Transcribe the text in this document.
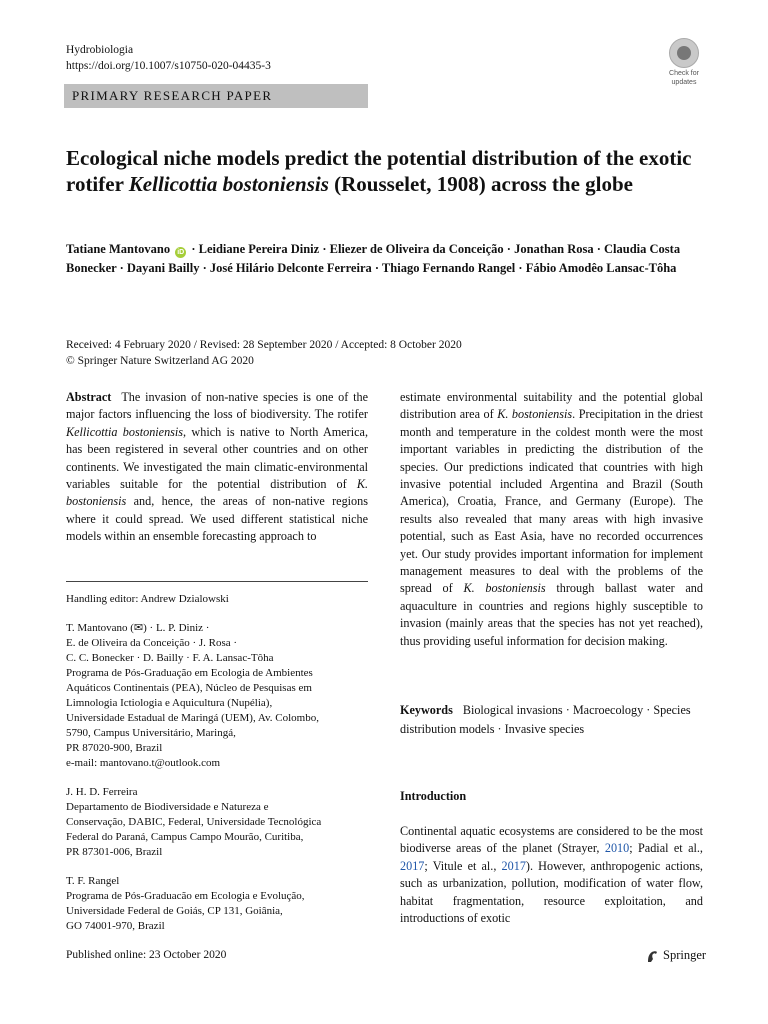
Hydrobiologia
https://doi.org/10.1007/s10750-020-04435-3
Check for
updates
PRIMARY RESEARCH PAPER
Ecological niche models predict the potential distribution of the exotic rotifer Kellicottia bostoniensis (Rousselet, 1908) across the globe
Tatiane Mantovano iD · Leidiane Pereira Diniz · Eliezer de Oliveira da Conceição · Jonathan Rosa · Claudia Costa Bonecker · Dayani Bailly · José Hilário Delconte Ferreira · Thiago Fernando Rangel · Fábio Amodêo Lansac-Tôha
Received: 4 February 2020 / Revised: 28 September 2020 / Accepted: 8 October 2020
© Springer Nature Switzerland AG 2020

Abstract The invasion of non-native species is one of the major factors influencing the loss of biodiversity. The rotifer Kellicottia bostoniensis, which is native to North America, has been registered in several other countries and on other continents. We investigated the main climatic-environmental variables suitable for the potential distribution of K. bostoniensis and, hence, the areas of non-native regions where it could spread. We used different statistical niche models within an ensemble forecasting approach to

Handling editor: Andrew Dzialowski
T. Mantovano (✉) · L. P. Diniz ·
E. de Oliveira da Conceição · J. Rosa ·
C. C. Bonecker · D. Bailly · F. A. Lansac-Tôha
Programa de Pós-Graduação em Ecologia de Ambientes
Aquáticos Continentais (PEA), Núcleo de Pesquisas em
Limnologia Ictiologia e Aquicultura (Nupélia),
Universidade Estadual de Maringá (UEM), Av. Colombo,
5790, Campus Universitário, Maringá,
PR 87020-900, Brazil
e-mail: mantovano.t@outlook.com
J. H. D. Ferreira
Departamento de Biodiversidade e Natureza e
Conservação, DABIC, Federal, Universidade Tecnológica
Federal do Paraná, Campus Campo Mourão, Curitiba,
PR 87301-006, Brazil
T. F. Rangel
Programa de Pós-Graduacão em Ecologia e Evolução,
Universidade Federal de Goiás, CP 131, Goiânia,
GO 74001-970, Brazil

estimate environmental suitability and the potential global distribution area of K. bostoniensis. Precipitation in the driest month and temperature in the coldest month were the most important variables in predicting the distribution of the species. Our predictions indicated that countries with high invasive potential included Argentina and Brazil (South America), Croatia, France, and Germany (Europe). The results also revealed that many areas with high invasive potential, such as East Asia, have no recorded occurrences yet. Our study provides important information for implement management measures to deal with the problems of the spread of K. bostoniensis through ballast water and aquaculture in countries and regions highly susceptible to invasion (mainly areas that the species has not yet reached), thus providing useful information for decision making.

Keywords Biological invasions · Macroecology · Species distribution models · Invasive species
Introduction
Continental aquatic ecosystems are considered to be the most biodiverse areas of the planet (Strayer, 2010; Padial et al., 2017; Vitule et al., 2017). However, anthropogenic actions, such as urbanization, pollution, modification of water flow, habitat fragmentation, resource exploitation, and introductions of exotic
Published online: 23 October 2020	Springer
